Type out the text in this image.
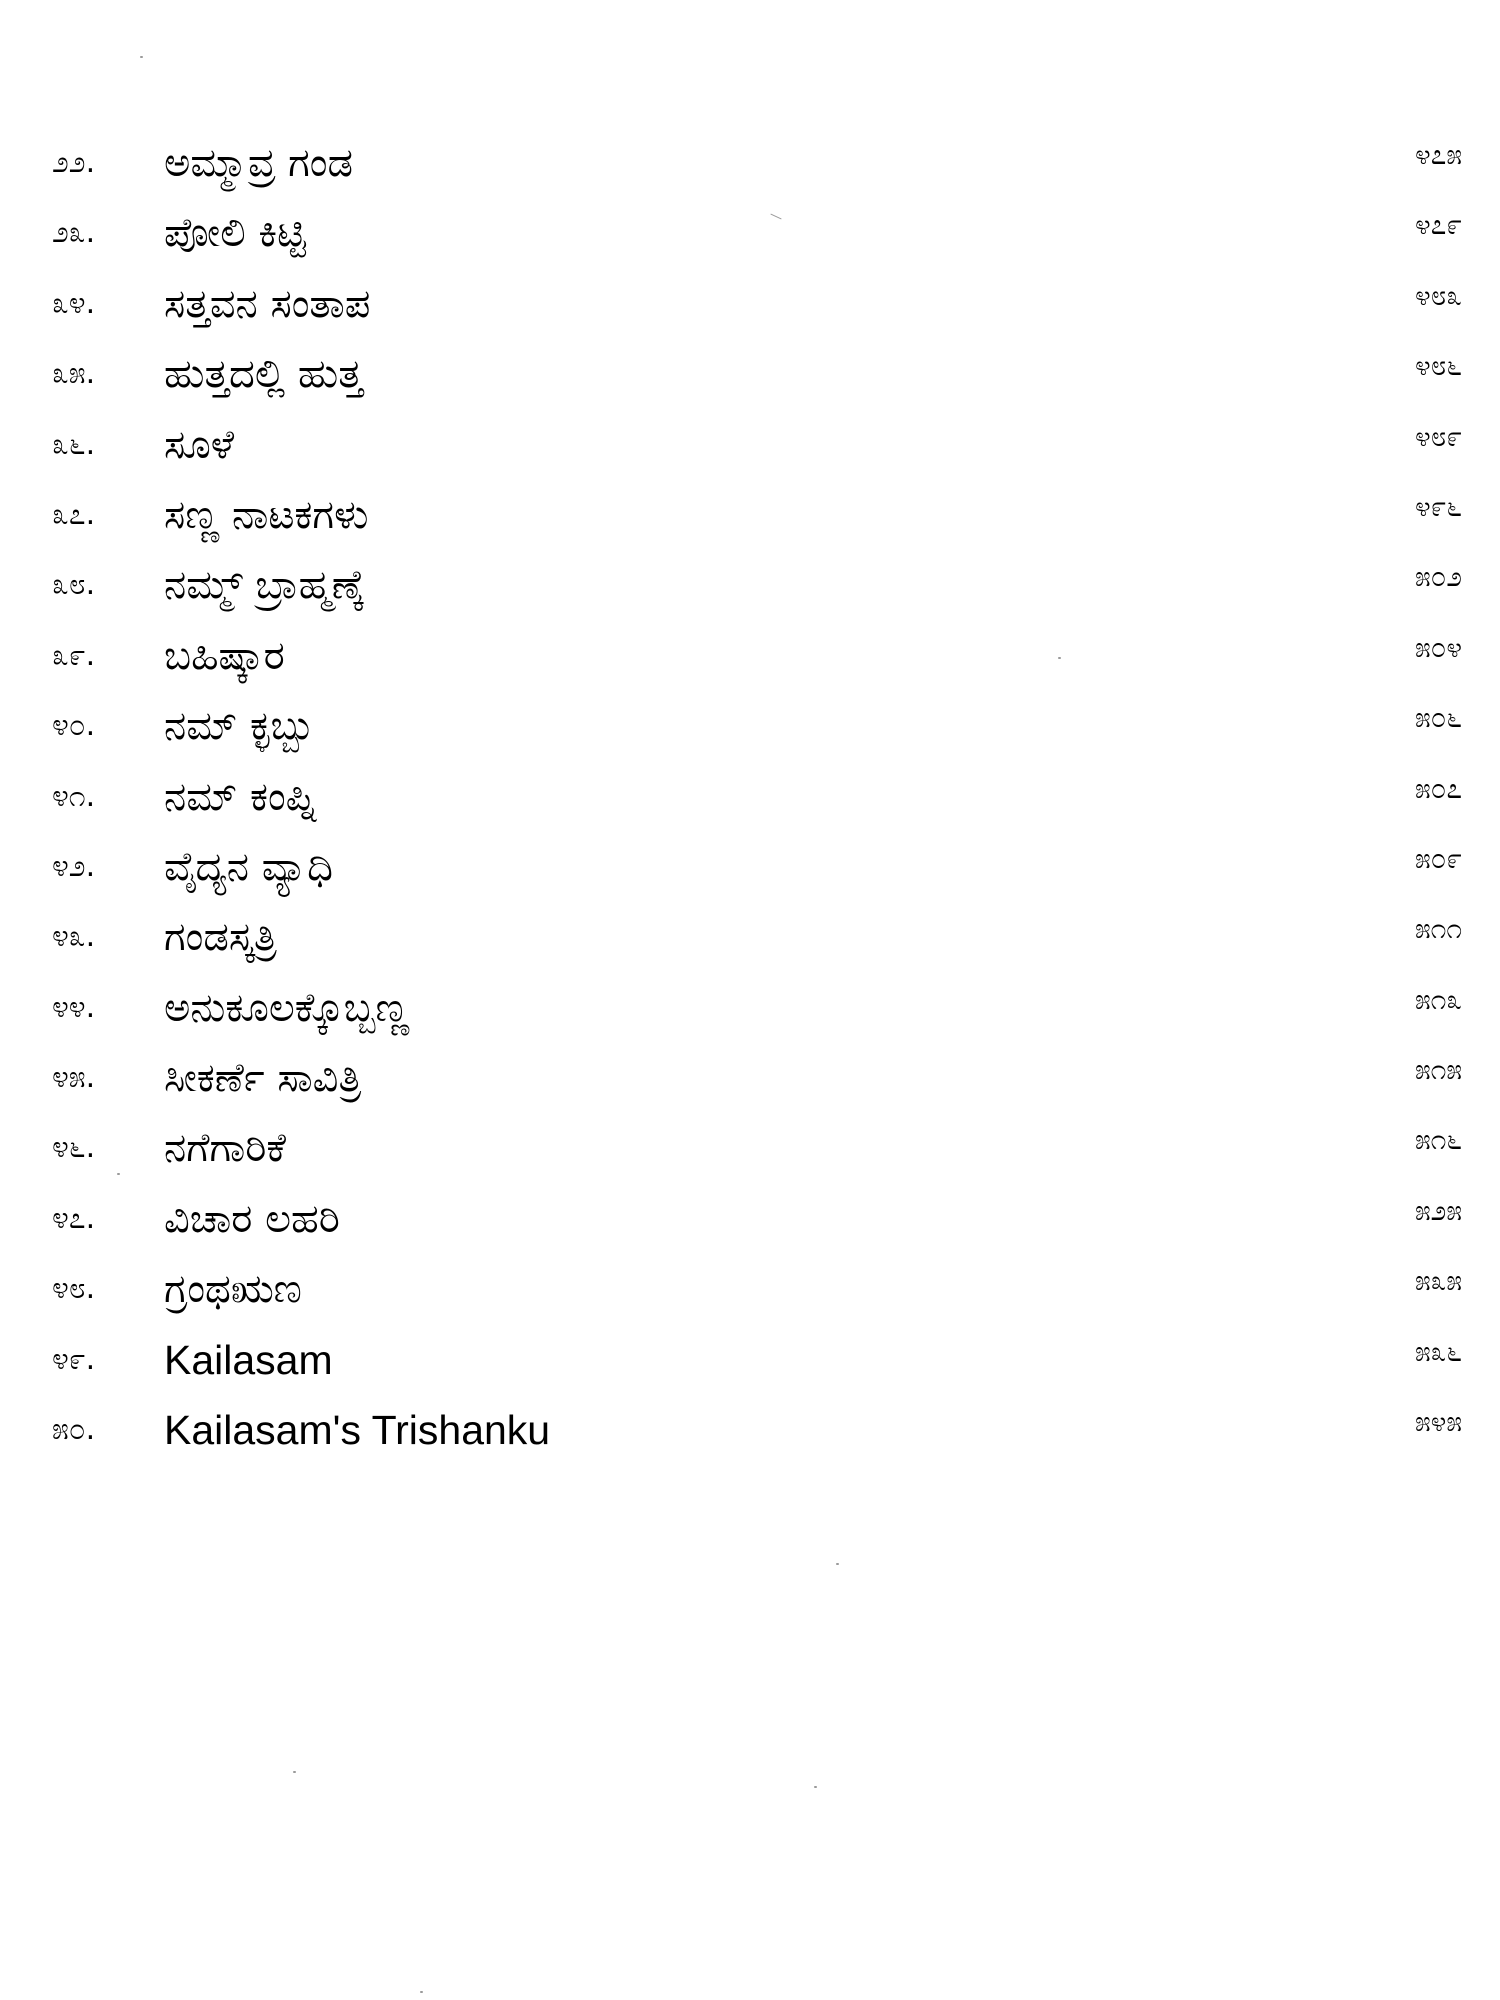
೨೨. ಅಮ್ಮಾವ್ರ ಗಂಡ	೪೭೫
೨೩. ಪೋಲಿ ಕಿಟ್ಟಿ	೪೭೯
೩೪. ಸತ್ತವನ ಸಂತಾಪ	೪೮೩
೩೫. ಹುತ್ತದಲ್ಲಿ ಹುತ್ತ	೪೮೬
೩೬. ಸೂಳೆ	೪೮೯
೩೭. ಸಣ್ಣ ನಾಟಕಗಳು	೪೯೬
೩೮. ನಮ್ಮ್ ಬ್ರಾಹ್ಮಣ್ಕೆ	೫೦೨
೩೯. ಬಹಿಷ್ಕಾರ	೫೦೪
೪೦. ನಮ್ ಕ್ಳಬ್ಬು	೫೦೬
೪೧. ನಮ್ ಕಂಪ್ನಿ	೫೦೭
೪೨. ವೈದ್ಯನ ವ್ಯಾಧಿ	೫೦೯
೪೩. ಗಂಡಸ್ಕತ್ರಿ	೫೧೧
೪೪. ಅನುಕೂಲಕ್ಕೊಬ್ಬಣ್ಣ	೫೧೩
೪೫. ಸೀಕರ್ಣೆ ಸಾವಿತ್ರಿ	೫೧೫
೪೬. ನಗೆಗಾರಿಕೆ	೫೧೬
೪೭. ವಿಚಾರ ಲಹರಿ	೫೨೫
೪೮. ಗ್ರಂಥಋಣ	೫೩೫
೪೯. Kailasam	೫೩೬
೫೦. Kailasam's Trishanku	೫೪೫
